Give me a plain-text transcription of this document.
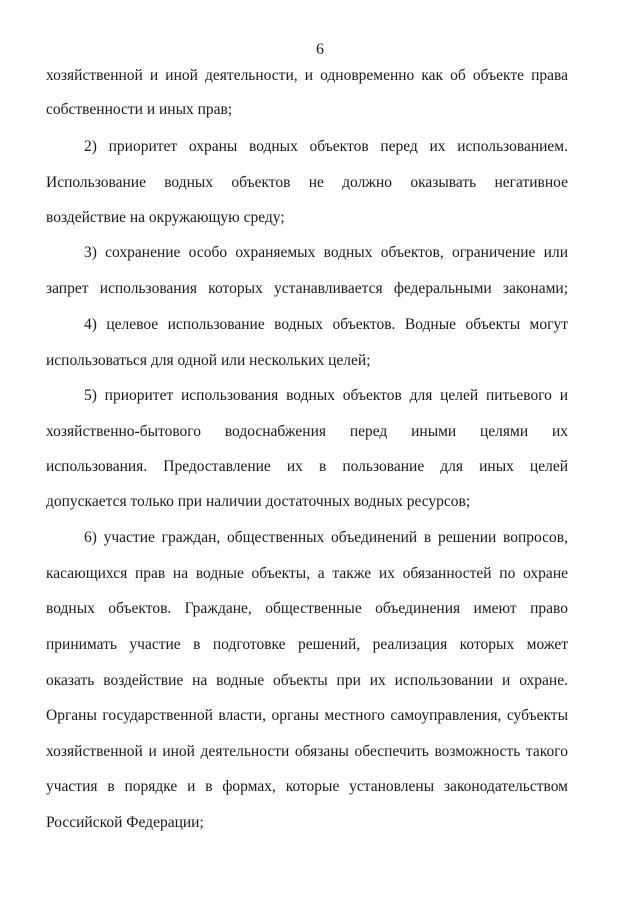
6
хозяйственной и иной деятельности, и одновременно как об объекте права
собственности и иных прав;
2) приоритет охраны водных объектов перед их использованием.
Использование водных объектов не должно оказывать негативное
воздействие на окружающую среду;
3) сохранение особо охраняемых водных объектов, ограничение или
запрет использования которых устанавливается федеральными законами;
4) целевое использование водных объектов. Водные объекты могут
использоваться для одной или нескольких целей;
5) приоритет использования водных объектов для целей питьевого и
хозяйственно-бытового водоснабжения перед иными целями их
использования. Предоставление их в пользование для иных целей
допускается только при наличии достаточных водных ресурсов;
6) участие граждан, общественных объединений в решении вопросов,
касающихся прав на водные объекты, а также их обязанностей по охране
водных объектов. Граждане, общественные объединения имеют право
принимать участие в подготовке решений, реализация которых может
оказать воздействие на водные объекты при их использовании и охране.
Органы государственной власти, органы местного самоуправления, субъекты
хозяйственной и иной деятельности обязаны обеспечить возможность такого
участия в порядке и в формах, которые установлены законодательством
Российской Федерации;
